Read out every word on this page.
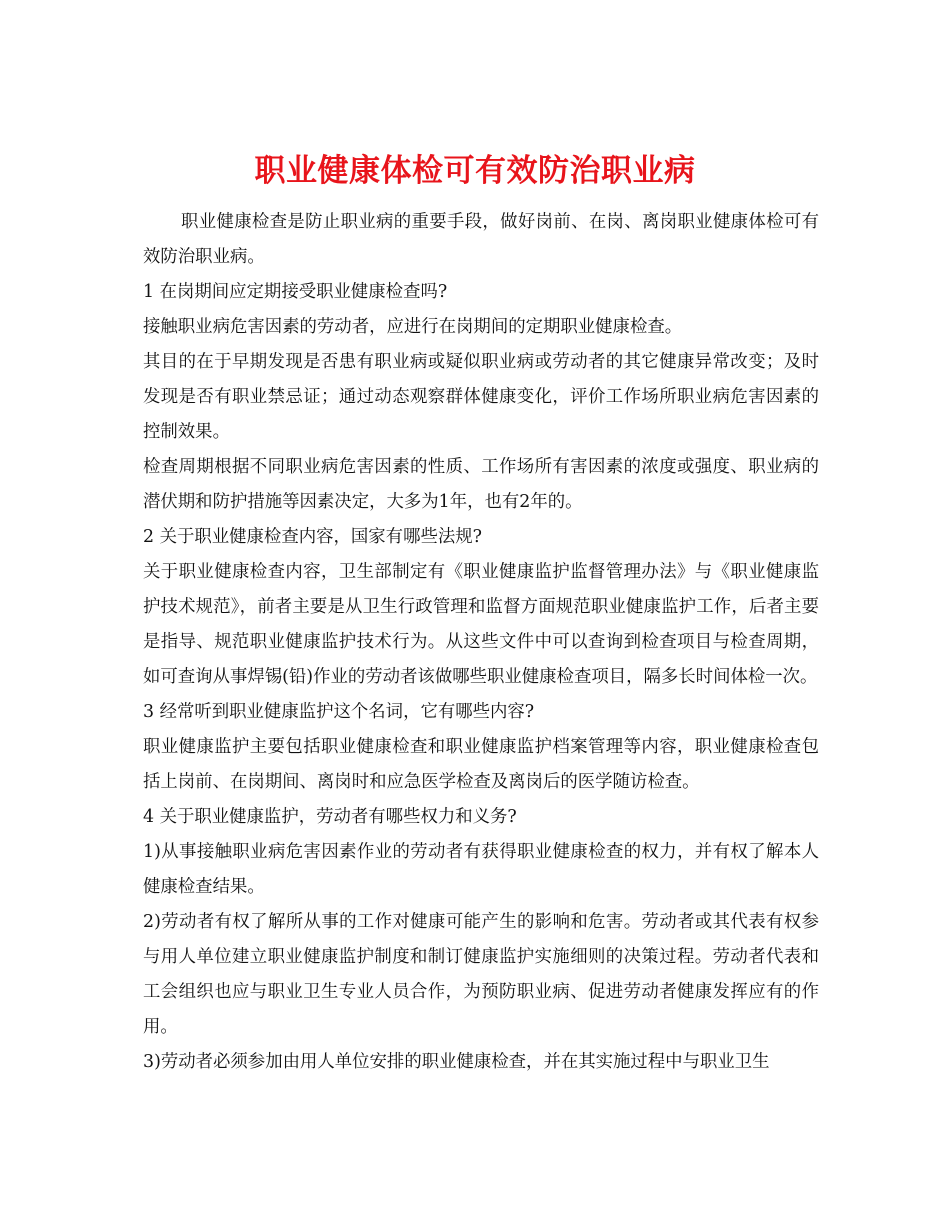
职业健康体检可有效防治职业病

职业健康检查是防止职业病的重要手段，做好岗前、在岗、离岗职业健康体检可有效防治职业病。

1 在岗期间应定期接受职业健康检查吗?

接触职业病危害因素的劳动者，应进行在岗期间的定期职业健康检查。

其目的在于早期发现是否患有职业病或疑似职业病或劳动者的其它健康异常改变；及时发现是否有职业禁忌证；通过动态观察群体健康变化，评价工作场所职业病危害因素的控制效果。

检查周期根据不同职业病危害因素的性质、工作场所有害因素的浓度或强度、职业病的潜伏期和防护措施等因素决定，大多为1年，也有2年的。

2 关于职业健康检查内容，国家有哪些法规?

关于职业健康检查内容，卫生部制定有《职业健康监护监督管理办法》与《职业健康监护技术规范》，前者主要是从卫生行政管理和监督方面规范职业健康监护工作，后者主要是指导、规范职业健康监护技术行为。从这些文件中可以查询到检查项目与检查周期，如可查询从事焊锡(铅)作业的劳动者该做哪些职业健康检查项目，隔多长时间体检一次。

3 经常听到职业健康监护这个名词，它有哪些内容?

职业健康监护主要包括职业健康检查和职业健康监护档案管理等内容，职业健康检查包括上岗前、在岗期间、离岗时和应急医学检查及离岗后的医学随访检查。

4 关于职业健康监护，劳动者有哪些权力和义务?

1)从事接触职业病危害因素作业的劳动者有获得职业健康检查的权力，并有权了解本人健康检查结果。

2)劳动者有权了解所从事的工作对健康可能产生的影响和危害。劳动者或其代表有权参与用人单位建立职业健康监护制度和制订健康监护实施细则的决策过程。劳动者代表和工会组织也应与职业卫生专业人员合作，为预防职业病、促进劳动者健康发挥应有的作用。

3)劳动者必须参加由用人单位安排的职业健康检查，并在其实施过程中与职业卫生
